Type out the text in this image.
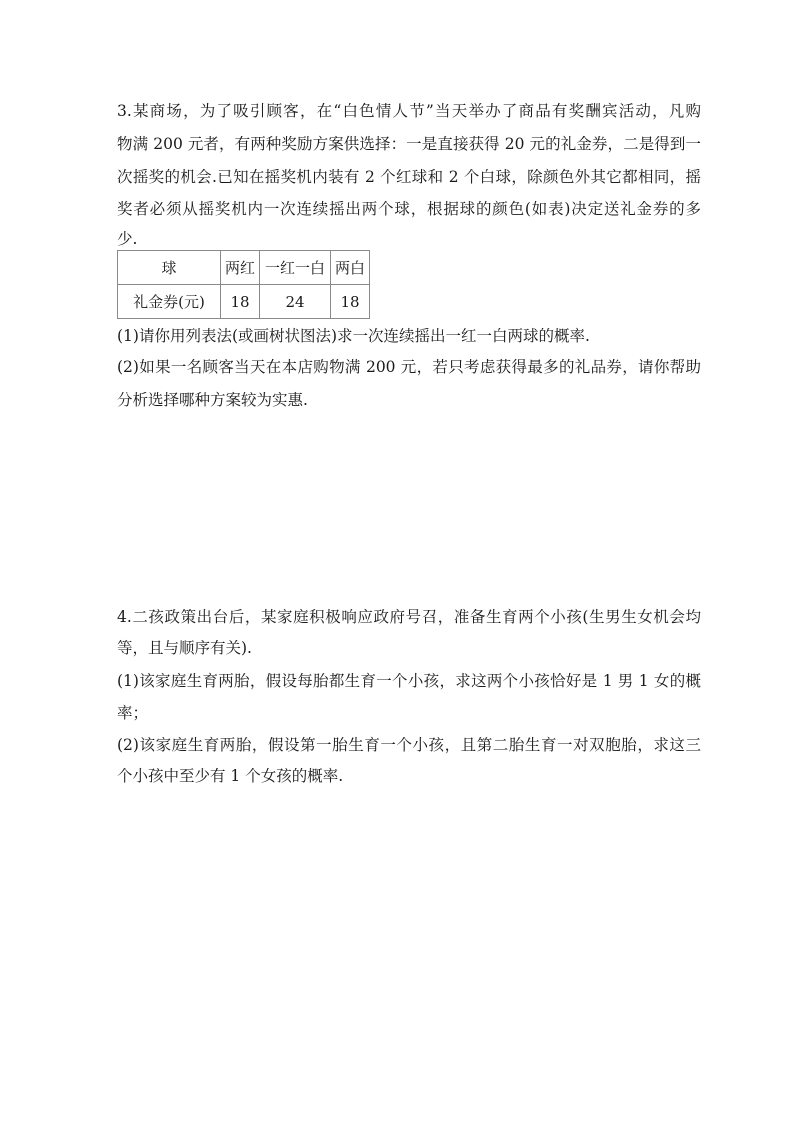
3.某商场，为了吸引顾客，在“白色情人节”当天举办了商品有奖酬宾活动，凡购
物满 200 元者，有两种奖励方案供选择：一是直接获得 20 元的礼金券，二是得到一
次摇奖的机会.已知在摇奖机内装有 2 个红球和 2 个白球，除颜色外其它都相同，摇
奖者必须从摇奖机内一次连续摇出两个球，根据球的颜色(如表)决定送礼金券的多
少.
球	两红	一红一白	两白
礼金券(元)	18	24	18
(1)请你用列表法(或画树状图法)求一次连续摇出一红一白两球的概率.
(2)如果一名顾客当天在本店购物满 200 元，若只考虑获得最多的礼品券，请你帮助
分析选择哪种方案较为实惠.
4.二孩政策出台后，某家庭积极响应政府号召，准备生育两个小孩(生男生女机会均
等，且与顺序有关).
(1)该家庭生育两胎，假设每胎都生育一个小孩，求这两个小孩恰好是 1 男 1 女的概
率；
(2)该家庭生育两胎，假设第一胎生育一个小孩，且第二胎生育一对双胞胎，求这三
个小孩中至少有 1 个女孩的概率.
